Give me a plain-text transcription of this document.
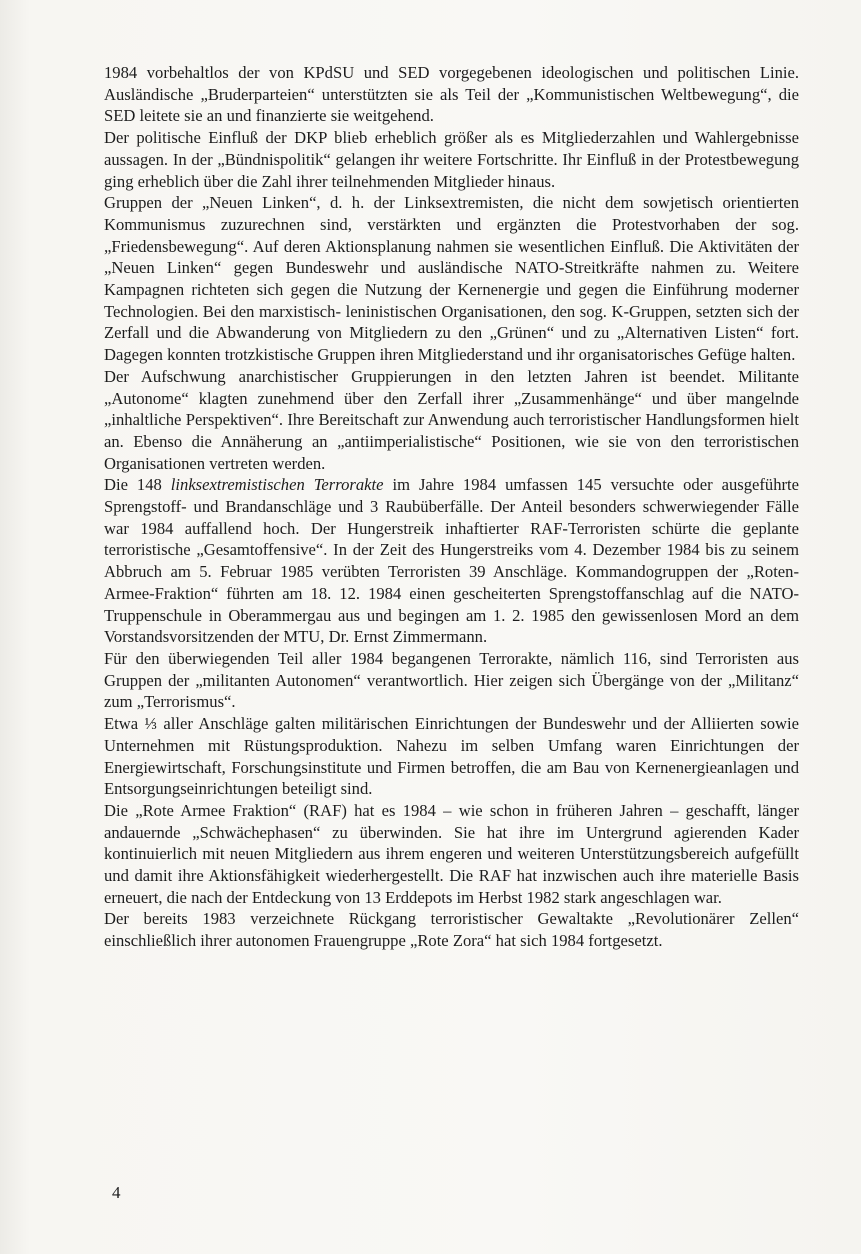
1984 vorbehaltlos der von KPdSU und SED vorgegebenen ideologischen und politischen Linie. Ausländische „Bruderparteien“ unterstützten sie als Teil der „Kommunistischen Weltbewegung“, die SED leitete sie an und finanzierte sie weitgehend.

Der politische Einfluß der DKP blieb erheblich größer als es Mitgliederzahlen und Wahlergebnisse aussagen. In der „Bündnispolitik“ gelangen ihr weitere Fortschritte. Ihr Einfluß in der Protestbewegung ging erheblich über die Zahl ihrer teilnehmenden Mitglieder hinaus.

Gruppen der „Neuen Linken“, d. h. der Linksextremisten, die nicht dem sowjetisch orientierten Kommunismus zuzurechnen sind, verstärkten und ergänzten die Protestvorhaben der sog. „Friedensbewegung“. Auf deren Aktionsplanung nahmen sie wesentlichen Einfluß. Die Aktivitäten der „Neuen Linken“ gegen Bundeswehr und ausländische NATO-Streitkräfte nahmen zu. Weitere Kampagnen richteten sich gegen die Nutzung der Kernenergie und gegen die Einführung moderner Technologien. Bei den marxistisch- leninistischen Organisationen, den sog. K-Gruppen, setzten sich der Zerfall und die Abwanderung von Mitgliedern zu den „Grünen“ und zu „Alternativen Listen“ fort. Dagegen konnten trotzkistische Gruppen ihren Mitgliederstand und ihr organisatorisches Gefüge halten.

Der Aufschwung anarchistischer Gruppierungen in den letzten Jahren ist beendet. Militante „Autonome“ klagten zunehmend über den Zerfall ihrer „Zusammenhänge“ und über mangelnde „inhaltliche Perspektiven“. Ihre Bereitschaft zur Anwendung auch terroristischer Handlungsformen hielt an. Ebenso die Annäherung an „antiimperialistische“ Positionen, wie sie von den terroristischen Organisationen vertreten werden.

Die 148 linksextremistischen Terrorakte im Jahre 1984 umfassen 145 versuchte oder ausgeführte Sprengstoff- und Brandanschläge und 3 Raubüberfälle. Der Anteil besonders schwerwiegender Fälle war 1984 auffallend hoch. Der Hungerstreik inhaftierter RAF-Terroristen schürte die geplante terroristische „Gesamtoffensive“. In der Zeit des Hungerstreiks vom 4. Dezember 1984 bis zu seinem Abbruch am 5. Februar 1985 verübten Terroristen 39 Anschläge. Kommandogruppen der „Roten-Armee-Fraktion“ führten am 18. 12. 1984 einen gescheiterten Sprengstoffanschlag auf die NATO-Truppenschule in Oberammergau aus und begingen am 1. 2. 1985 den gewissenlosen Mord an dem Vorstandsvorsitzenden der MTU, Dr. Ernst Zimmermann.

Für den überwiegenden Teil aller 1984 begangenen Terrorakte, nämlich 116, sind Terroristen aus Gruppen der „militanten Autonomen“ verantwortlich. Hier zeigen sich Übergänge von der „Militanz“ zum „Terrorismus“.

Etwa ⅓ aller Anschläge galten militärischen Einrichtungen der Bundeswehr und der Alliierten sowie Unternehmen mit Rüstungsproduktion. Nahezu im selben Umfang waren Einrichtungen der Energiewirtschaft, Forschungsinstitute und Firmen betroffen, die am Bau von Kernenergieanlagen und Entsorgungseinrichtungen beteiligt sind.

Die „Rote Armee Fraktion“ (RAF) hat es 1984 – wie schon in früheren Jahren – geschafft, länger andauernde „Schwächephasen“ zu überwinden. Sie hat ihre im Untergrund agierenden Kader kontinuierlich mit neuen Mitgliedern aus ihrem engeren und weiteren Unterstützungsbereich aufgefüllt und damit ihre Aktionsfähigkeit wiederhergestellt. Die RAF hat inzwischen auch ihre materielle Basis erneuert, die nach der Entdeckung von 13 Erddepots im Herbst 1982 stark angeschlagen war.

Der bereits 1983 verzeichnete Rückgang terroristischer Gewaltakte „Revolutionärer Zellen“ einschließlich ihrer autonomen Frauengruppe „Rote Zora“ hat sich 1984 fortgesetzt.

4
